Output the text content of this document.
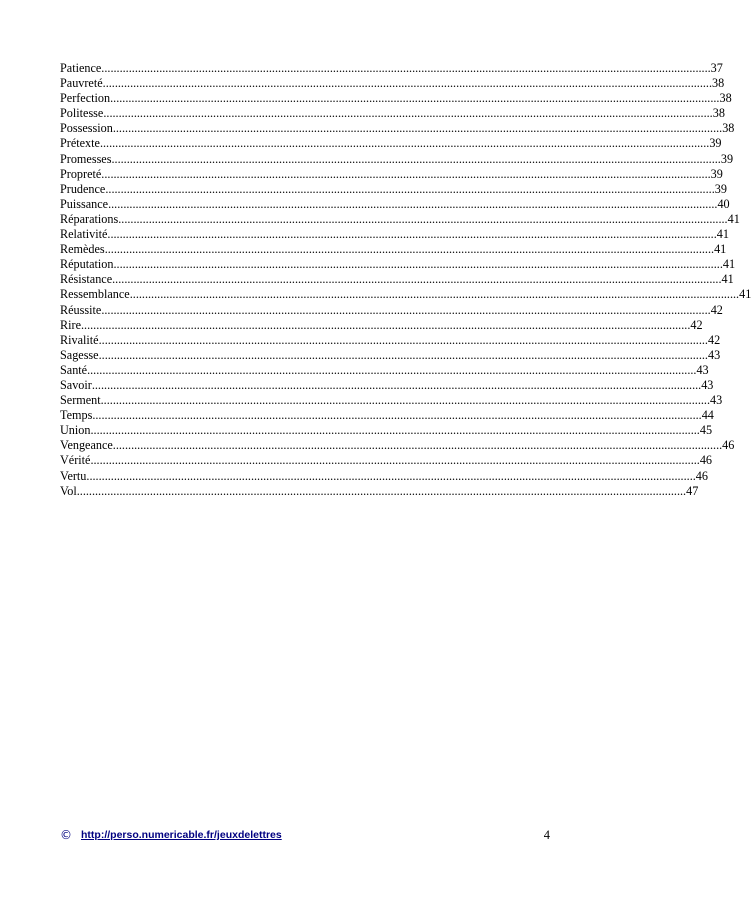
Patience ........................................................................................................................................................................................................ 37
Pauvreté ........................................................................................................................................................................................................ 38
Perfection ........................................................................................................................................................................................................ 38
Politesse ........................................................................................................................................................................................................ 38
Possession ........................................................................................................................................................................................................ 38
Prétexte ........................................................................................................................................................................................................ 39
Promesses ........................................................................................................................................................................................................ 39
Propreté ........................................................................................................................................................................................................ 39
Prudence ........................................................................................................................................................................................................ 39
Puissance ........................................................................................................................................................................................................ 40
Réparations ........................................................................................................................................................................................................ 41
Relativité ........................................................................................................................................................................................................ 41
Remèdes ........................................................................................................................................................................................................ 41
Réputation ........................................................................................................................................................................................................ 41
Résistance ........................................................................................................................................................................................................ 41
Ressemblance ........................................................................................................................................................................................................ 41
Réussite ........................................................................................................................................................................................................ 42
Rire ........................................................................................................................................................................................................ 42
Rivalité ........................................................................................................................................................................................................ 42
Sagesse ........................................................................................................................................................................................................ 43
Santé ........................................................................................................................................................................................................ 43
Savoir ........................................................................................................................................................................................................ 43
Serment ........................................................................................................................................................................................................ 43
Temps ........................................................................................................................................................................................................ 44
Union ........................................................................................................................................................................................................ 45
Vengeance ........................................................................................................................................................................................................ 46
Vérité ........................................................................................................................................................................................................ 46
Vertu ........................................................................................................................................................................................................ 46
Vol ........................................................................................................................................................................................................ 47
© http://perso.numericable.fr/jeuxdelettres	4
